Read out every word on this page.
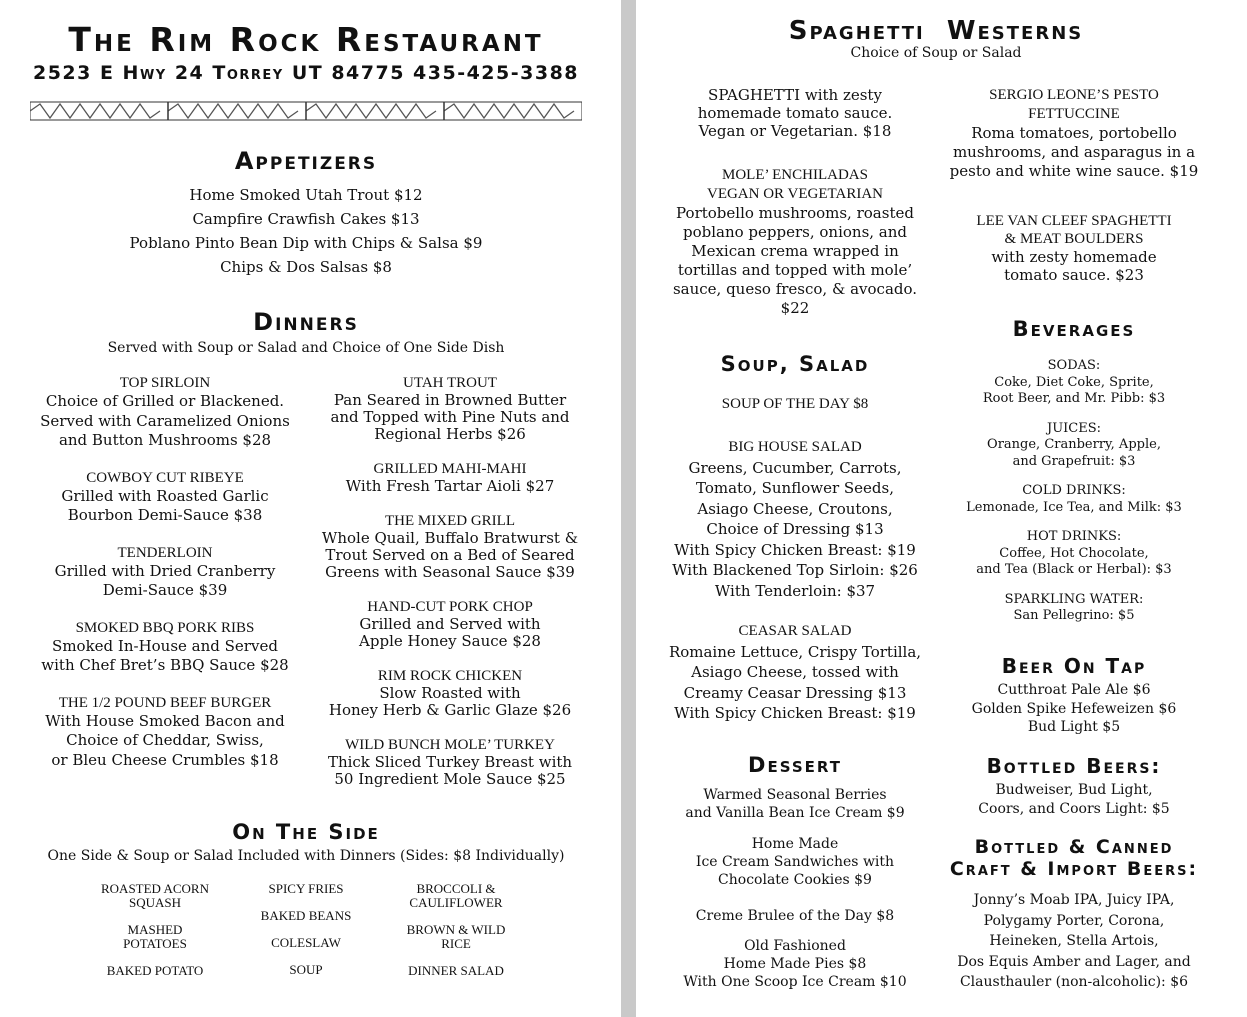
The Rim Rock Restaurant
2523 E Hwy 24 Torrey UT 84775 435-425-3388
Appetizers
Home Smoked Utah Trout $12
Campfire Crawfish Cakes $13
Poblano Pinto Bean Dip with Chips & Salsa $9
Chips & Dos Salsas $8
Dinners
Served with Soup or Salad and Choice of One Side Dish
TOP SIRLOIN
Choice of Grilled or Blackened.
Served with Caramelized Onions
and Button Mushrooms $28
COWBOY CUT RIBEYE
Grilled with Roasted Garlic
Bourbon Demi-Sauce $38
TENDERLOIN
Grilled with Dried Cranberry
Demi-Sauce $39
SMOKED BBQ PORK RIBS
Smoked In-House and Served
with Chef Bret’s BBQ Sauce $28
THE 1/2 POUND BEEF BURGER
With House Smoked Bacon and
Choice of Cheddar, Swiss,
or Bleu Cheese Crumbles $18
UTAH TROUT
Pan Seared in Browned Butter
and Topped with Pine Nuts and
Regional Herbs $26
GRILLED MAHI-MAHI
With Fresh Tartar Aioli $27
THE MIXED GRILL
Whole Quail, Buffalo Bratwurst &
Trout Served on a Bed of Seared
Greens with Seasonal Sauce $39
HAND-CUT PORK CHOP
Grilled and Served with
Apple Honey Sauce $28
RIM ROCK CHICKEN
Slow Roasted with
Honey Herb & Garlic Glaze $26
WILD BUNCH MOLE’ TURKEY
Thick Sliced Turkey Breast with
50 Ingredient Mole Sauce $25
On The Side
One Side & Soup or Salad Included with Dinners (Sides: $8 Individually)
ROASTED ACORN SQUASH
MASHED POTATOES
BAKED POTATO
SPICY FRIES
BAKED BEANS
COLESLAW
SOUP
BROCCOLI & CAULIFLOWER
BROWN & WILD RICE
DINNER SALAD
Spaghetti  Westerns
Choice of Soup or Salad
SPAGHETTI with zesty
homemade tomato sauce.
Vegan or Vegetarian. $18
MOLE’ ENCHILADAS
VEGAN OR VEGETARIAN
Portobello mushrooms, roasted
poblano peppers, onions, and
Mexican crema wrapped in
tortillas and topped with mole’
sauce, queso fresco, & avocado.
$22
SERGIO LEONE’S PESTO
FETTUCCINE
Roma tomatoes, portobello
mushrooms, and asparagus in a
pesto and white wine sauce. $19
LEE VAN CLEEF SPAGHETTI
& MEAT BOULDERS
with zesty homemade
tomato sauce. $23
Soup, Salad
SOUP OF THE DAY $8
BIG HOUSE SALAD
Greens, Cucumber, Carrots,
Tomato, Sunflower Seeds,
Asiago Cheese, Croutons,
Choice of Dressing $13
With Spicy Chicken Breast: $19
With Blackened Top Sirloin: $26
With Tenderloin: $37
CEASAR SALAD
Romaine Lettuce, Crispy Tortilla,
Asiago Cheese, tossed with
Creamy Ceasar Dressing $13
With Spicy Chicken Breast: $19
Dessert
Warmed Seasonal Berries
and Vanilla Bean Ice Cream $9
Home Made
Ice Cream Sandwiches with
Chocolate Cookies $9
Creme Brulee of the Day $8
Old Fashioned
Home Made Pies $8
With One Scoop Ice Cream $10
Beverages
SODAS:
Coke, Diet Coke, Sprite,
Root Beer, and Mr. Pibb: $3
JUICES:
Orange, Cranberry, Apple,
and Grapefruit: $3
COLD DRINKS:
Lemonade, Ice Tea, and Milk: $3
HOT DRINKS:
Coffee, Hot Chocolate,
and Tea (Black or Herbal): $3
SPARKLING WATER:
San Pellegrino: $5
Beer On Tap
Cutthroat Pale Ale $6
Golden Spike Hefeweizen $6
Bud Light $5
Bottled Beers:
Budweiser, Bud Light,
Coors, and Coors Light: $5
Bottled & Canned
Craft & Import Beers:
Jonny’s Moab IPA, Juicy IPA,
Polygamy Porter, Corona,
Heineken, Stella Artois,
Dos Equis Amber and Lager, and
Clausthauler (non-alcoholic): $6
